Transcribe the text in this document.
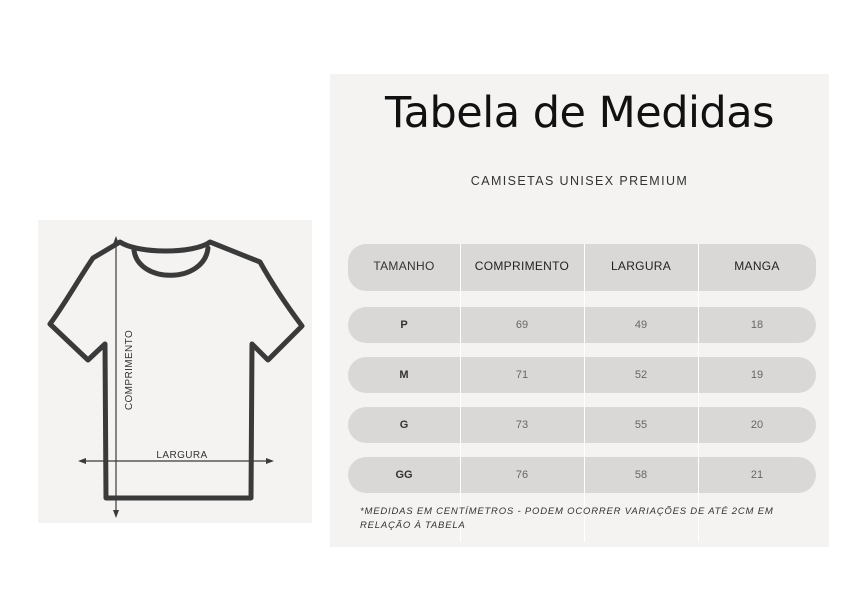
COMPRIMENTO
LARGURA
Tabela de Medidas
CAMISETAS UNISEX PREMIUM
TAMANHO	COMPRIMENTO	LARGURA	MANGA
P	69	49	18
M	71	52	19
G	73	55	20
GG	76	58	21
*MEDIDAS EM CENTÍMETROS - PODEM OCORRER VARIAÇÕES DE ATÉ 2CM EM RELAÇÃO À TABELA
